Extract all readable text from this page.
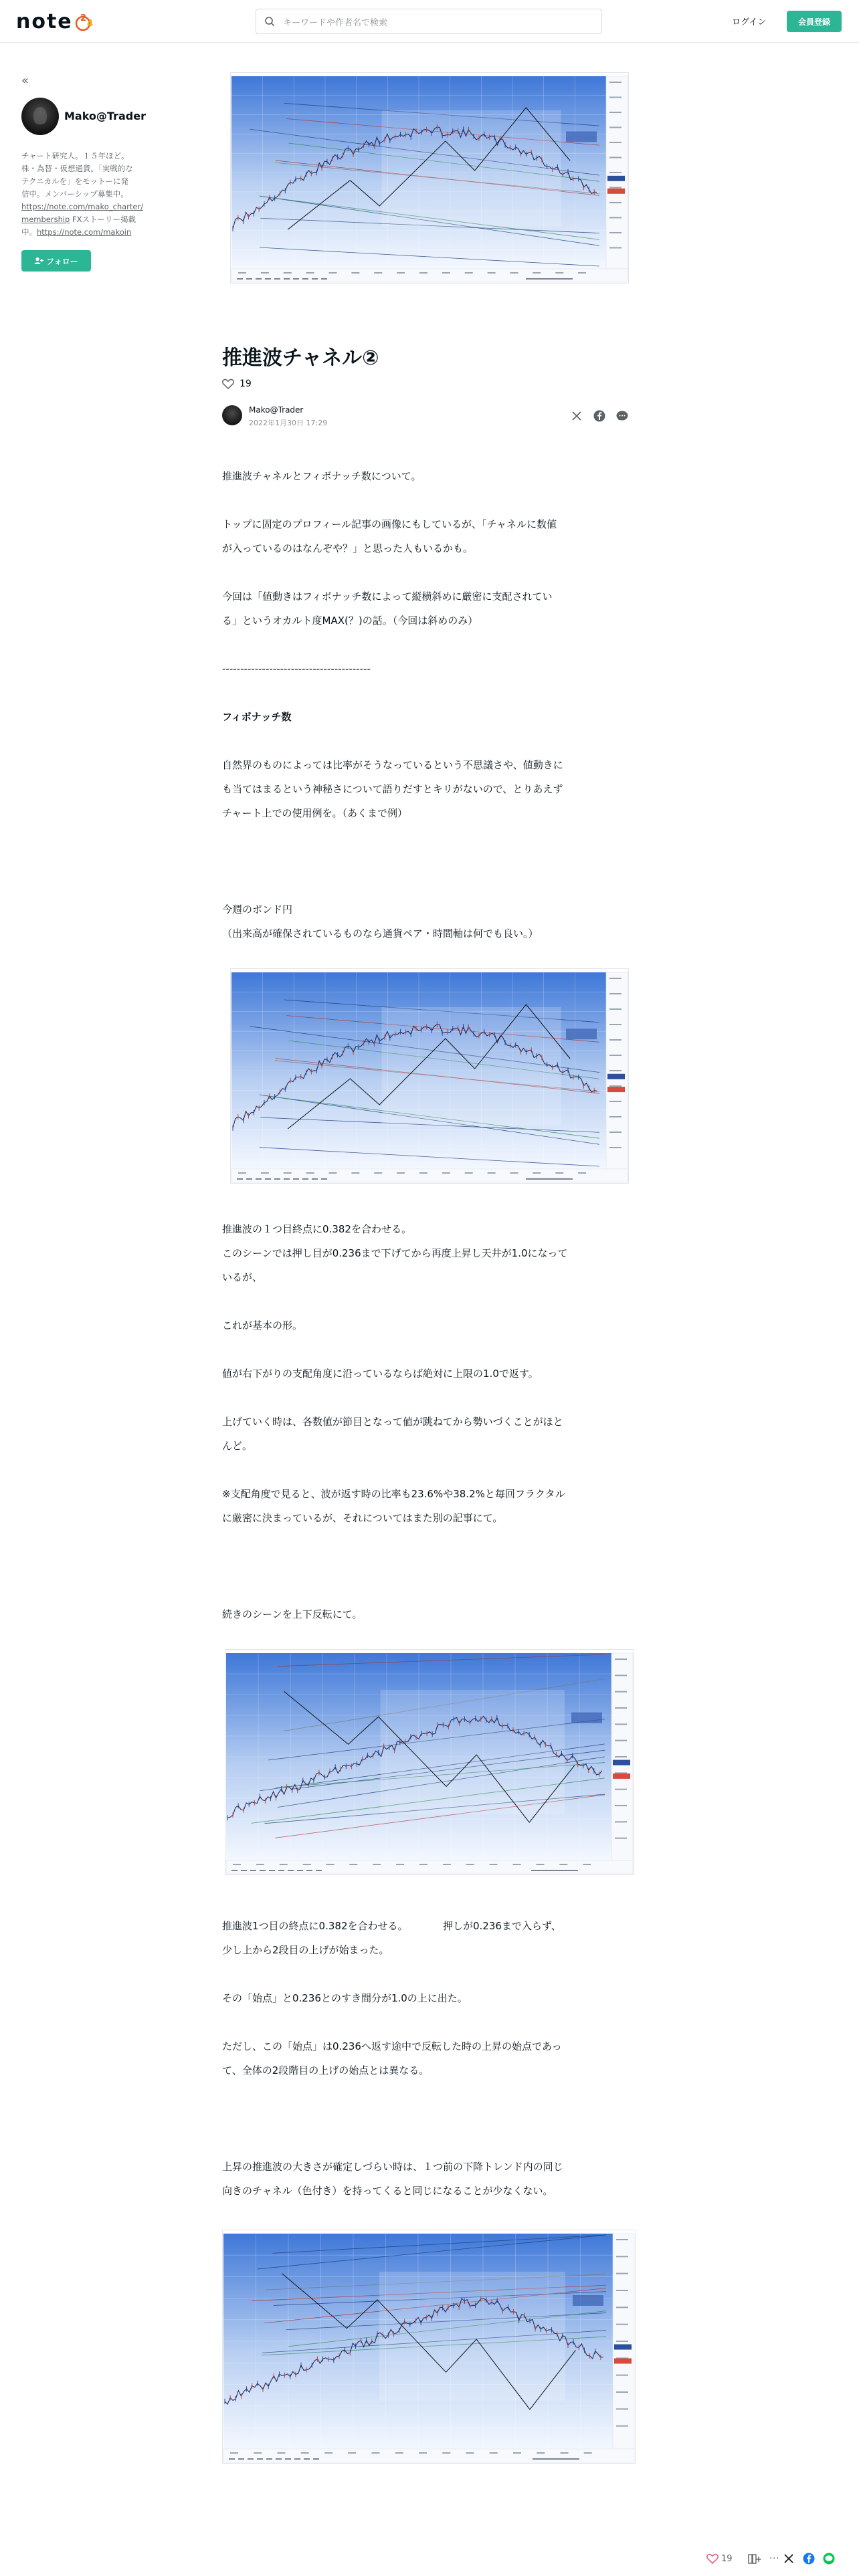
note 2
4	キーワードや作者名で検索	ログイン	会員登録
«
Mako@Trader
チャート研究人。１５年ほど。
株・為替・仮想通貨。「実戦的な
テクニカルを」をモットーに発
信中。メンバーシップ募集中。
https://note.com/mako_charter/
membership FXストーリー掲載
中。https://note.com/makoin
フォロー
推進波チャネル②
19
Mako@Trader
2022年1月30日 17:29
推進波チャネルとフィボナッチ数について。
トップに固定のプロフィール記事の画像にもしているが、「チャネルに数値
が入っているのはなんぞや？」と思った人もいるかも。
今回は「値動きはフィボナッチ数によって縦横斜めに厳密に支配されてい
る」というオカルト度MAX(？)の話。（今回は斜めのみ）
-----------------------------------------
フィボナッチ数
自然界のものによっては比率がそうなっているという不思議さや、値動きに
も当てはまるという神秘さについて語りだすとキリがないので、とりあえず
チャート上での使用例を。（あくまで例）
今週のポンド円
（出来高が確保されているものなら通貨ペア・時間軸は何でも良い。）
推進波の１つ目終点に0.382を合わせる。
このシーンでは押し目が0.236まで下げてから再度上昇し天井が1.0になって
いるが、
これが基本の形。
値が右下がりの支配角度に沿っているならば絶対に上限の1.0で返す。
上げていく時は、各数値が節目となって値が跳ねてから勢いづくことがほと
んど。
※支配角度で見ると、波が返す時の比率も23.6%や38.2%と毎回フラクタル
に厳密に決まっているが、それについてはまた別の記事にて。
続きのシーンを上下反転にて。
推進波1つ目の終点に0.382を合わせる。　　　　押しが0.236まで入らず、
少し上から2段目の上げが始まった。
その「始点」と0.236とのすき間分が1.0の上に出た。
ただし、この「始点」は0.236へ返す途中で反転した時の上昇の始点であっ
て、全体の2段階目の上げの始点とは異なる。
上昇の推進波の大きさが確定しづらい時は、１つ前の下降トレンド内の同じ
向きのチャネル（色付き）を持ってくると同じになることが少なくない。
19	···
